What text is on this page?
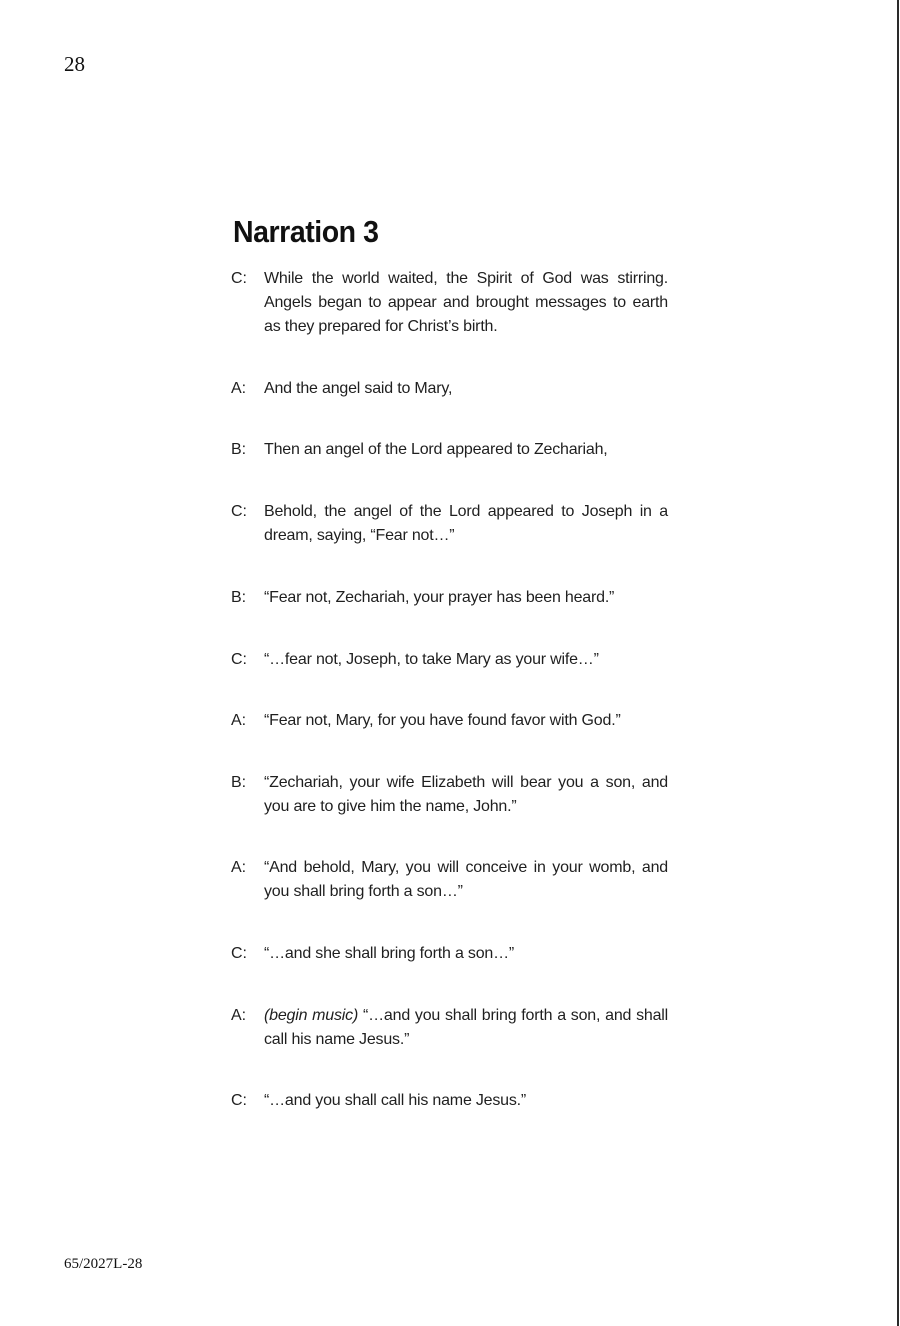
28
Narration 3
C:	While the world waited, the Spirit of God was stirring. Angels began to appear and brought messages to earth as they prepared for Christ’s birth.
A:	And the angel said to Mary,
B:	Then an angel of the Lord appeared to Zechariah,
C:	Behold, the angel of the Lord appeared to Joseph in a dream, saying, “Fear not…”
B:	“Fear not, Zechariah, your prayer has been heard.”
C:	“…fear not, Joseph, to take Mary as your wife…”
A:	“Fear not, Mary, for you have found favor with God.”
B:	“Zechariah, your wife Elizabeth will bear you a son, and you are to give him the name, John.”
A:	“And behold, Mary, you will conceive in your womb, and you shall bring forth a son…”
C:	“…and she shall bring forth a son…”
A:	(begin music) “…and you shall bring forth a son, and shall call his name Jesus.”
C:	“…and you shall call his name Jesus.”
65/2027L-28
